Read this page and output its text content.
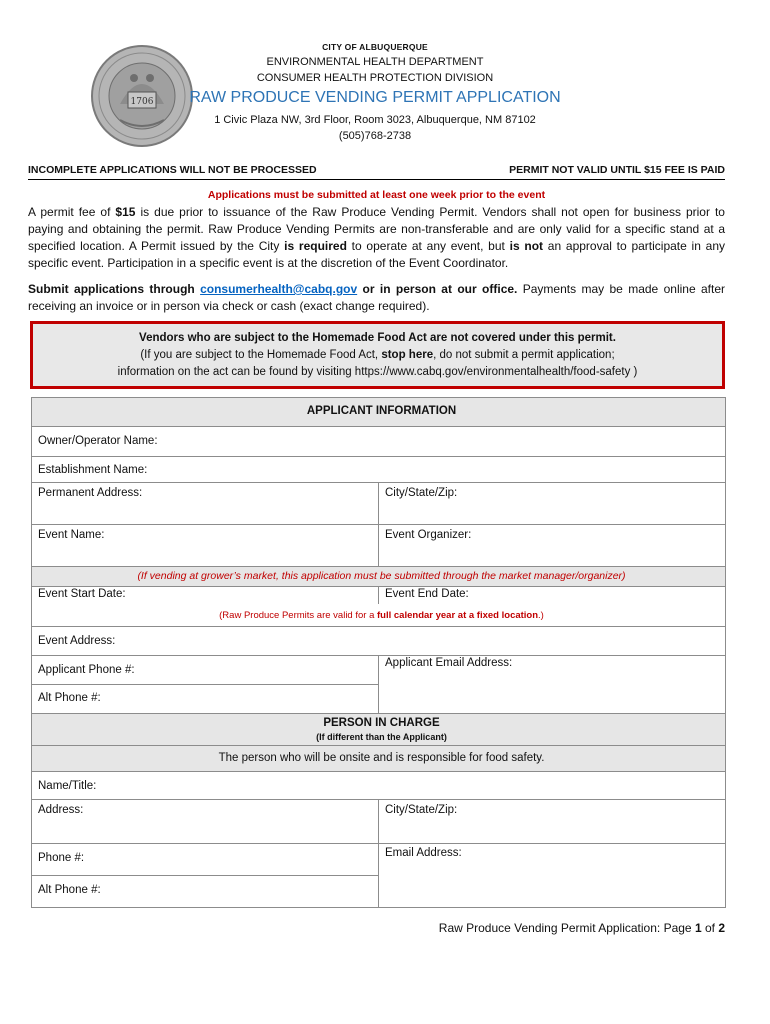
1706
CITY OF ALBUQUERQUE
ENVIRONMENTAL HEALTH DEPARTMENT
CONSUMER HEALTH PROTECTION DIVISION
RAW PRODUCE VENDING PERMIT APPLICATION
1 Civic Plaza NW, 3rd Floor, Room 3023, Albuquerque, NM 87102
(505)768-2738
INCOMPLETE APPLICATIONS WILL NOT BE PROCESSED	PERMIT NOT VALID UNTIL $15 FEE IS PAID
Applications must be submitted at least one week prior to the event
A permit fee of $15 is due prior to issuance of the Raw Produce Vending Permit. Vendors shall not open for business prior to paying and obtaining the permit. Raw Produce Vending Permits are non-transferable and are only valid for a specific stand at a specified location. A Permit issued by the City is required to operate at any event, but is not an approval to participate in any specific event. Participation in a specific event is at the discretion of the Event Coordinator.
Submit applications through consumerhealth@cabq.gov or in person at our office. Payments may be made online after receiving an invoice or in person via check or cash (exact change required).
Vendors who are subject to the Homemade Food Act are not covered under this permit.
(If you are subject to the Homemade Food Act, stop here, do not submit a permit application;
information on the act can be found by visiting https://www.cabq.gov/environmentalhealth/food-safety )
APPLICANT INFORMATION
Owner/Operator Name:
Establishment Name:
Permanent Address:	City/State/Zip:
Event Name:	Event Organizer:
(If vending at grower’s market, this application must be submitted through the market manager/organizer)
Event Start Date:	Event End Date:
(Raw Produce Permits are valid for a full calendar year at a fixed location.)
Event Address:
Applicant Phone #:
Applicant Email Address:
Alt Phone #:
PERSON IN CHARGE
(If different than the Applicant)
The person who will be onsite and is responsible for food safety.
Name/Title:
Address:	City/State/Zip:
Phone #:	Email Address:
Alt Phone #:
Raw Produce Vending Permit Application: Page 1 of 2
